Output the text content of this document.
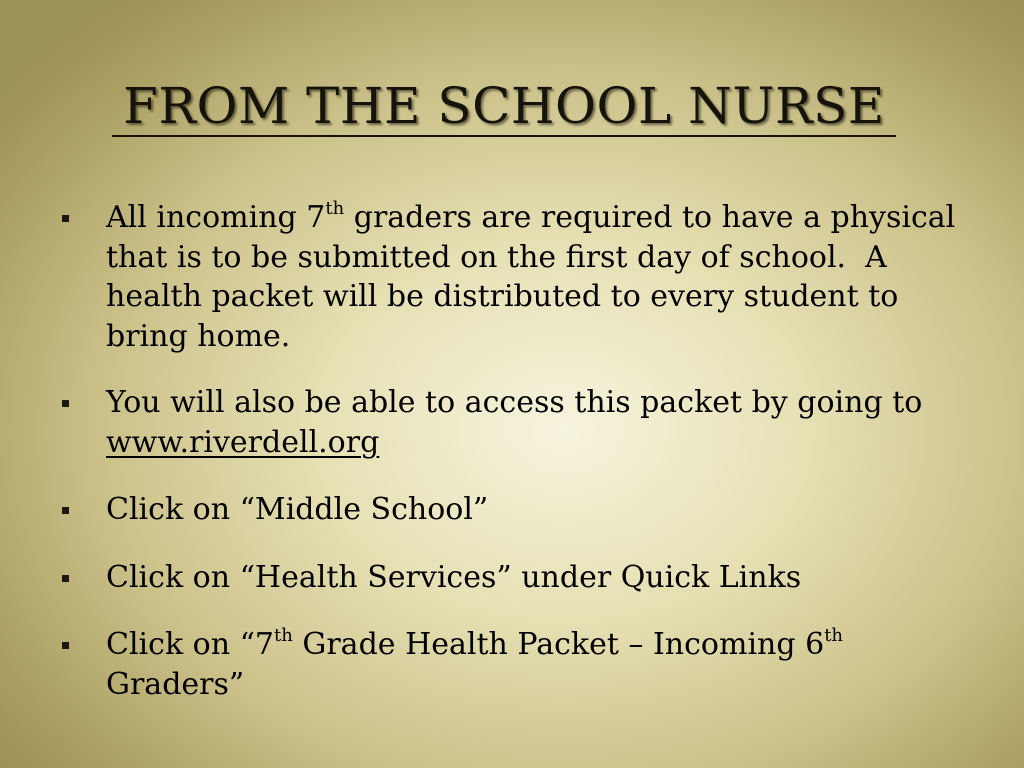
FROM THE SCHOOL NURSE
All incoming 7th graders are required to have a physical that is to be submitted on the first day of school.  A health packet will be distributed to every student to bring home.
You will also be able to access this packet by going to www.riverdell.org
Click on “Middle School”
Click on “Health Services” under Quick Links
Click on “7th Grade Health Packet – Incoming 6th Graders”
